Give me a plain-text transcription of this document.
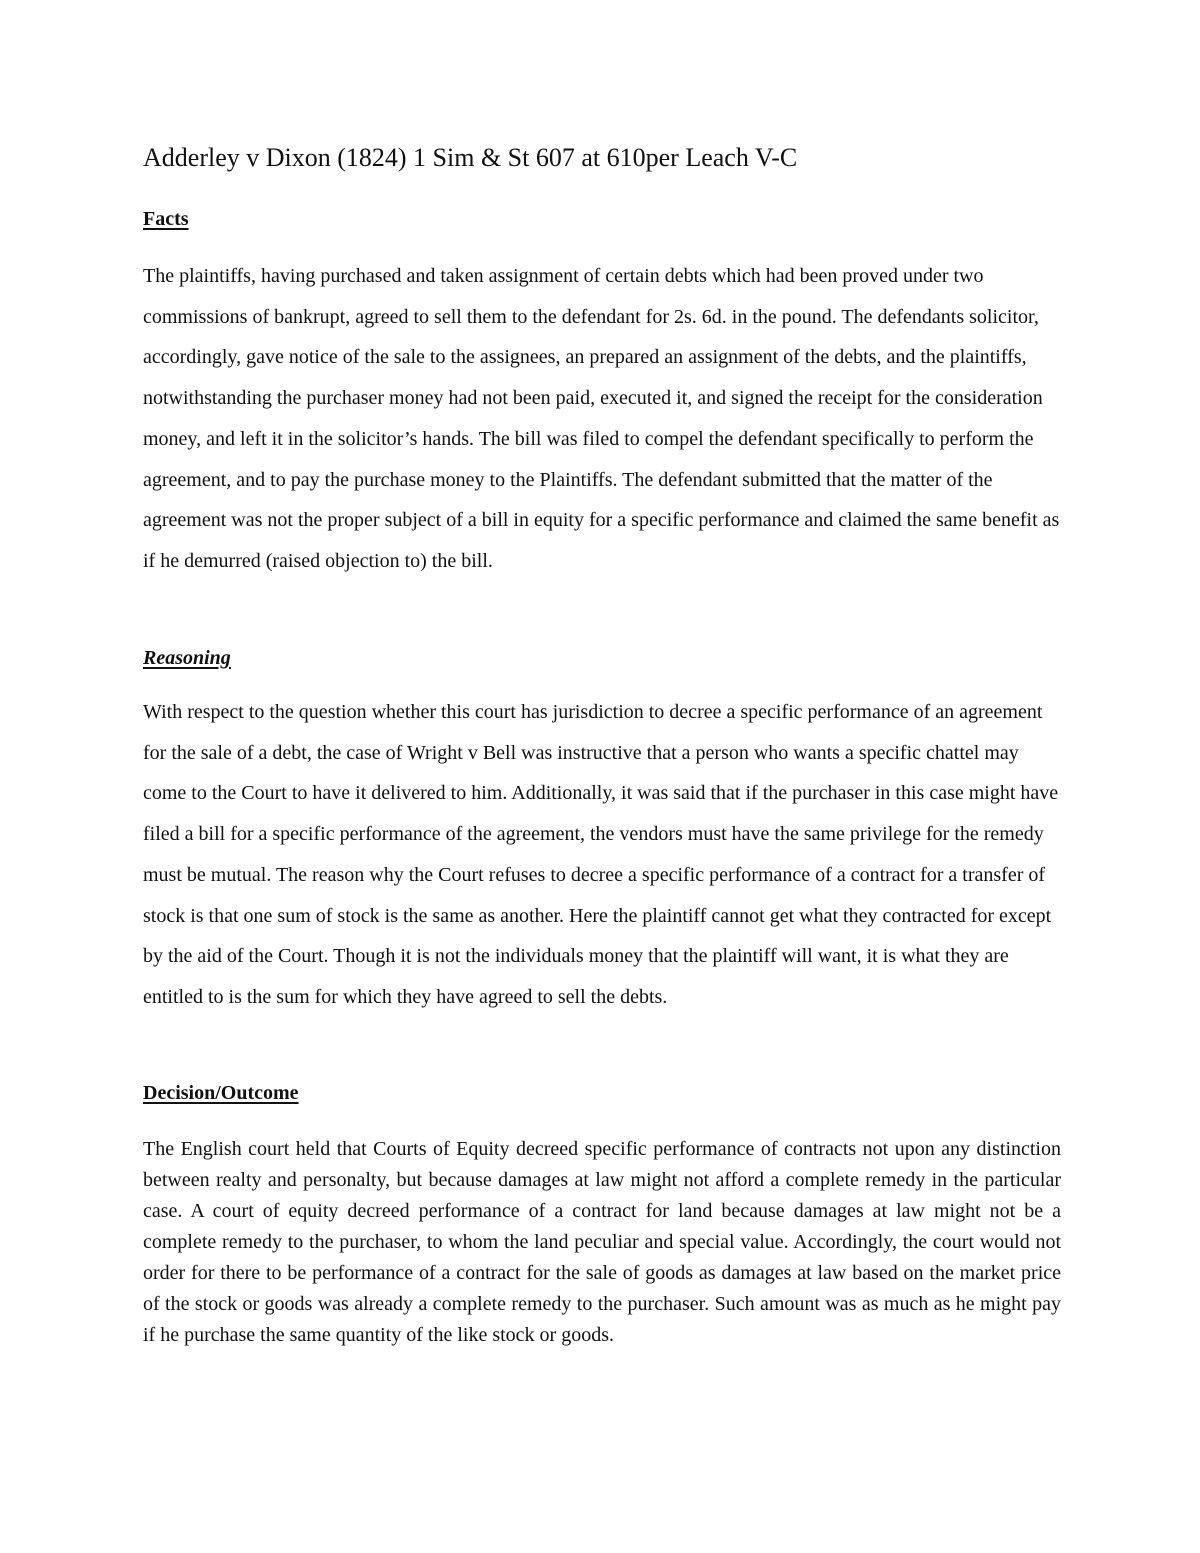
Adderley v Dixon (1824) 1 Sim & St 607 at 610per Leach V-C
Facts

The plaintiffs, having purchased and taken assignment of certain debts which had been proved under two commissions of bankrupt, agreed to sell them to the defendant for 2s. 6d. in the pound. The defendants solicitor, accordingly, gave notice of the sale to the assignees, an prepared an assignment of the debts, and the plaintiffs, notwithstanding the purchaser money had not been paid, executed it, and signed the receipt for the consideration money, and left it in the solicitor’s hands. The bill was filed to compel the defendant specifically to perform the agreement, and to pay the purchase money to the Plaintiffs. The defendant submitted that the matter of the agreement was not the proper subject of a bill in equity for a specific performance and claimed the same benefit as if he demurred (raised objection to) the bill.

Reasoning

With respect to the question whether this court has jurisdiction to decree a specific performance of an agreement for the sale of a debt, the case of Wright v Bell was instructive that a person who wants a specific chattel may come to the Court to have it delivered to him. Additionally, it was said that if the purchaser in this case might have filed a bill for a specific performance of the agreement, the vendors must have the same privilege for the remedy must be mutual. The reason why the Court refuses to decree a specific performance of a contract for a transfer of stock is that one sum of stock is the same as another. Here the plaintiff cannot get what they contracted for except by the aid of the Court. Though it is not the individuals money that the plaintiff will want, it is what they are entitled to is the sum for which they have agreed to sell the debts.

Decision/Outcome

The English court held that Courts of Equity decreed specific performance of contracts not upon any distinction between realty and personalty, but because damages at law might not afford a complete remedy in the particular case. A court of equity decreed performance of a contract for land because damages at law might not be a complete remedy to the purchaser, to whom the land peculiar and special value. Accordingly, the court would not order for there to be performance of a contract for the sale of goods as damages at law based on the market price of the stock or goods was already a complete remedy to the purchaser. Such amount was as much as he might pay if he purchase the same quantity of the like stock or goods.
